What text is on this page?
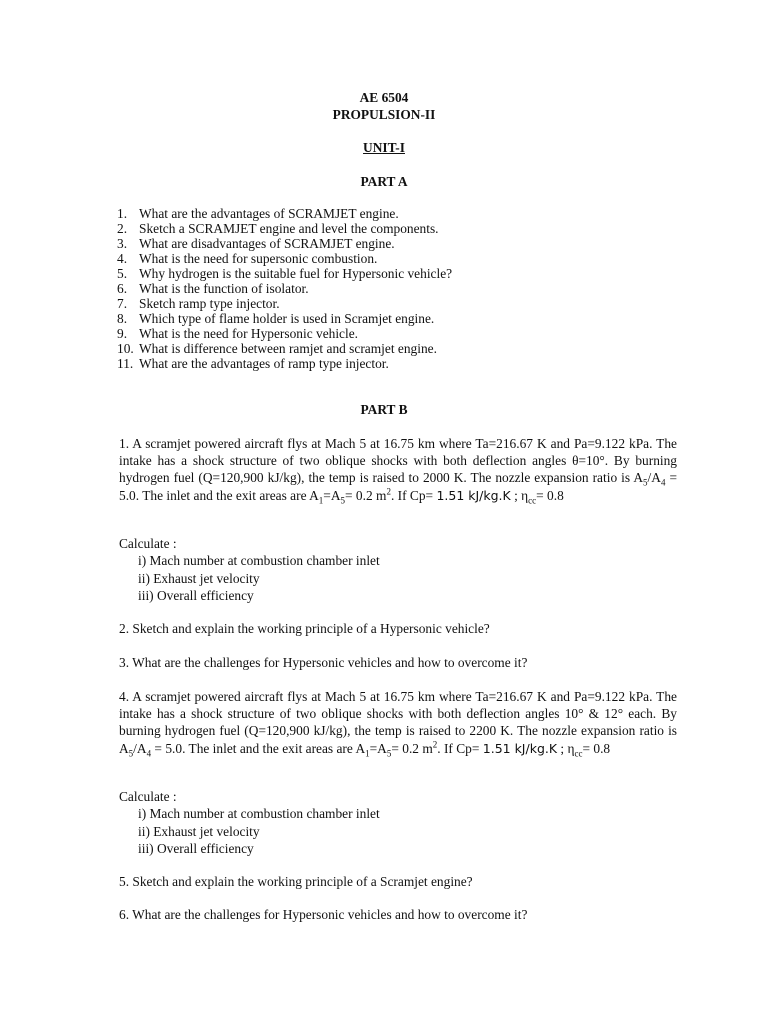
AE 6504
PROPULSION-II
UNIT-I
PART A
1. What are the advantages of SCRAMJET engine.
2. Sketch a SCRAMJET engine and level the components.
3. What are disadvantages of SCRAMJET engine.
4. What is the need for supersonic combustion.
5. Why hydrogen is the suitable fuel for Hypersonic vehicle?
6. What is the function of isolator.
7. Sketch ramp type injector.
8. Which type of flame holder is used in Scramjet engine.
9. What is the need for Hypersonic vehicle.
10. What is difference between ramjet and scramjet engine.
11. What are the advantages of ramp type injector.
PART B

1. A scramjet powered aircraft flys at Mach 5 at 16.75 km where Ta=216.67 K and Pa=9.122 kPa. The intake has a shock structure of two oblique shocks with both deflection angles θ=10°. By burning hydrogen fuel (Q=120,900 kJ/kg), the temp is raised to 2000 K. The nozzle expansion ratio is $A_5/A_4 = 5.0$. The inlet and the exit areas are $A_1=A_5= 0.2$ $m^2$. If Cp= 1.51 kJ/kg.K ; $\eta_{cc}= 0.8$

Calculate :
i) Mach number at combustion chamber inlet
ii) Exhaust jet velocity
iii) Overall efficiency
2. Sketch and explain the working principle of a Hypersonic vehicle?
3. What are the challenges for Hypersonic vehicles and how to overcome it?

4. A scramjet powered aircraft flys at Mach 5 at 16.75 km where Ta=216.67 K and Pa=9.122 kPa. The intake has a shock structure of two oblique shocks with both deflection angles 10° & 12° each. By burning hydrogen fuel (Q=120,900 kJ/kg), the temp is raised to 2200 K. The nozzle expansion ratio is $A_5/A_4 = 5.0$. The inlet and the exit areas are $A_1=A_5= 0.2$ $m^2$. If Cp= 1.51 kJ/kg.K ; $\eta_{cc}= 0.8$

Calculate :
i) Mach number at combustion chamber inlet
ii) Exhaust jet velocity
iii) Overall efficiency
5. Sketch and explain the working principle of a Scramjet engine?
6. What are the challenges for Hypersonic vehicles and how to overcome it?
